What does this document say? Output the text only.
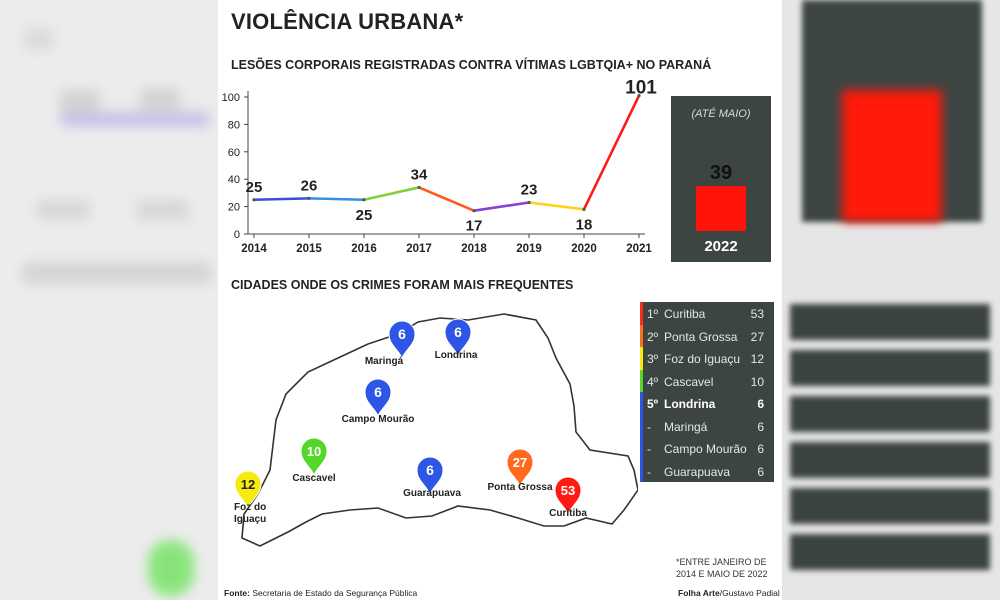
VIOLÊNCIA URBANA*
LESÕES CORPORAIS REGISTRADAS CONTRA VÍTIMAS LGBTQIA+ NO PARANÁ
0
20
40
60
80
100
2014	2015	2016	2017	2018	2019	2020	2021
25	26
25
34
17
23
18
101
(ATÉ MAIO)
39
2022
CIDADES ONDE OS CRIMES FORAM MAIS FREQUENTES
6
Maringá
6
Londrina
6
Campo Mourão
10
Cascavel
6
Guarapuava
27
Ponta Grossa 53
Curitiba
12
Foz do
Iguaçu
1º Curitiba	53
2º Ponta Grossa 27
3º Foz do Iguaçu 12
4º Cascavel	10
5º Londrina	6
- Maringá	6
- Campo Mourão 6
- Guarapuava 6
*ENTRE JANEIRO DE
2014 E MAIO DE 2022
Fonte: Secretaria de Estado da Segurança Pública	Folha Arte/Gustavo Padial
